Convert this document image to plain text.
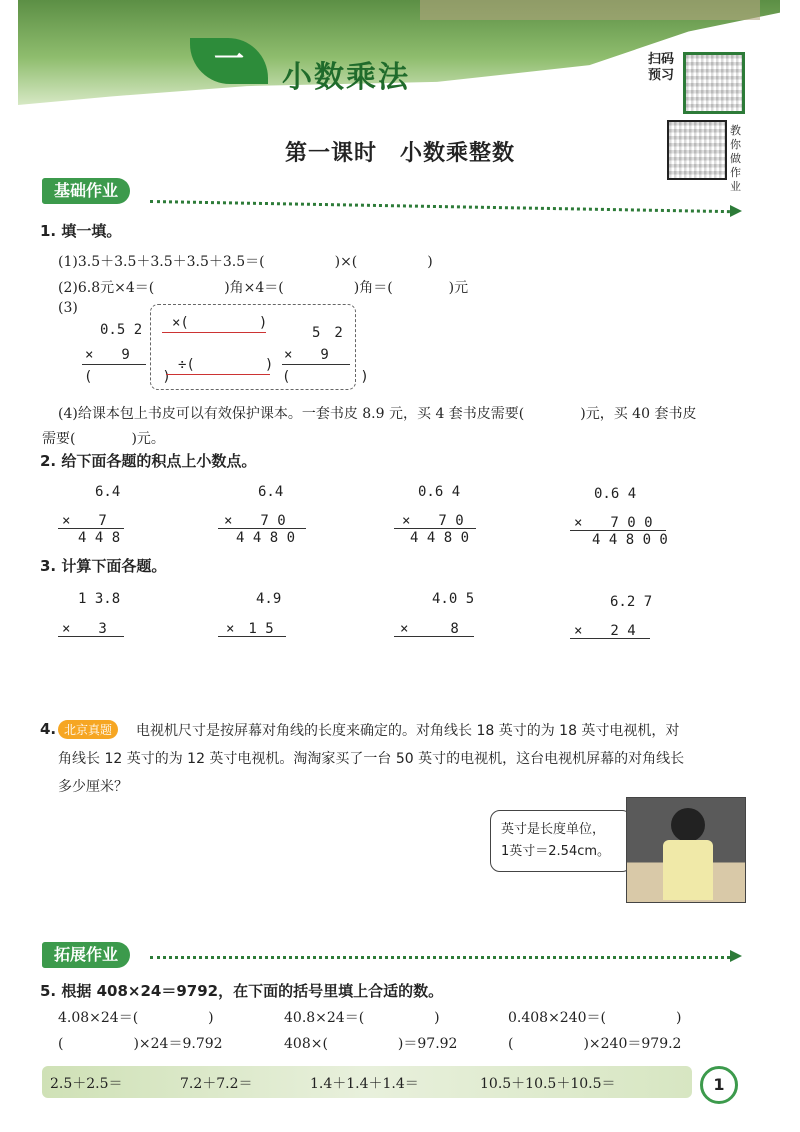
一
小数乘法
扫码预习
教你做作业
第一课时　小数乘整数
基础作业
1. 填一填。
(1)3.5＋3.5＋3.5＋3.5＋3.5＝(　　　　　)×(　　　　　)
(2)6.8元×4＝(　　　　　)角×4＝(　　　　　)角＝(　　　　)元
(3)
0.5 2
×　　9
(　　　　　)
×(　　　　　)
÷(　　　　　)
5　2
×　　9
(　　　　　)
(4)给课本包上书皮可以有效保护课本。一套书皮 8.9 元，买 4 套书皮需要(　　　　)元，买 40 套书皮
需要(　　　　)元。
2. 给下面各题的积点上小数点。
6.4
×　　7
4 4 8
6.4
×　　7 0
4 4 8 0
0.6 4
×　　7 0
4 4 8 0
0.6 4
×　　7 0 0
4 4 8 0 0
3. 计算下面各题。
1 3.8
×　　3
4.9
×　1 5
4.0 5
×　　　8
6.2 7
×　　2 4
4. 北京真题	电视机尺寸是按屏幕对角线的长度来确定的。对角线长 18 英寸的为 18 英寸电视机，对
角线长 12 英寸的为 12 英寸电视机。淘淘家买了一台 50 英寸的电视机，这台电视机屏幕的对角线长
多少厘米？
英寸是长度单位，
1英寸＝2.54cm。
拓展作业
5. 根据 408×24＝9792，在下面的括号里填上合适的数。
4.08×24＝(　　　　　)	40.8×24＝(　　　　　)	0.408×240＝(　　　　　)
(　　　　　)×24＝9.792	408×(　　　　　)＝97.92	(　　　　　)×240＝979.2
2.5＋2.5＝	7.2＋7.2＝	1.4＋1.4＋1.4＝	10.5＋10.5＋10.5＝	1
